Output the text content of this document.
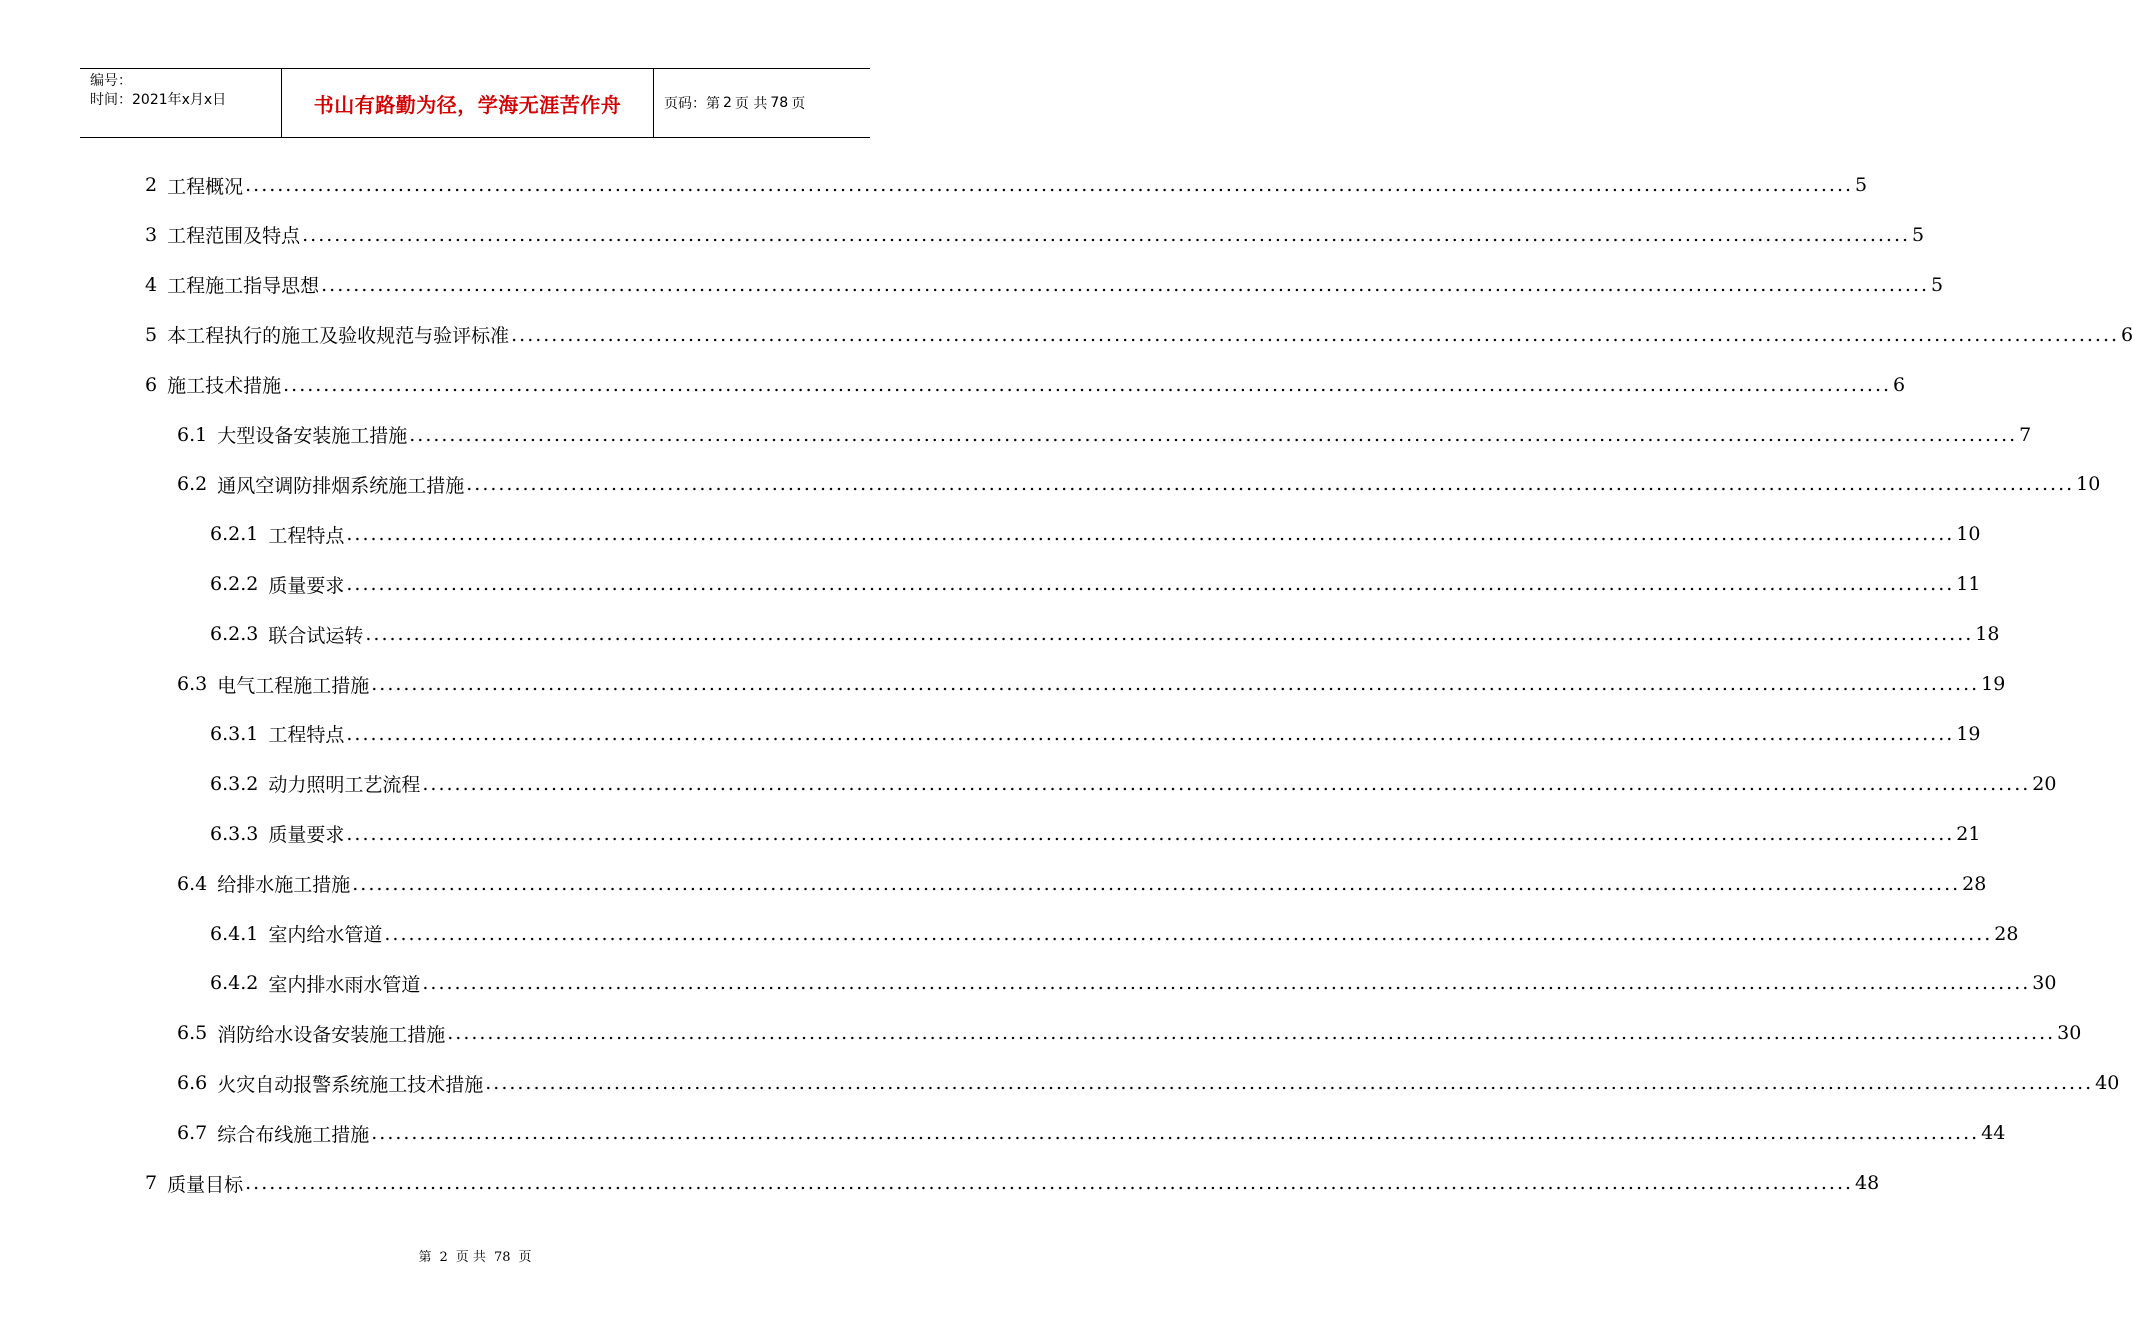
编号：
时间：2021年x月x日	书山有路勤为径，学海无涯苦作舟	页码：第 2 页 共 78 页
2 工程概况 ........................................................................................................................................................................................................ 5
3 工程范围及特点 ........................................................................................................................................................................................................ 5
4 工程施工指导思想 ........................................................................................................................................................................................................ 5
5 本工程执行的施工及验收规范与验评标准 ........................................................................................................................................................................................................ 6
6 施工技术措施 ........................................................................................................................................................................................................ 6
6.1 大型设备安装施工措施 ........................................................................................................................................................................................................ 7
6.2 通风空调防排烟系统施工措施 ........................................................................................................................................................................................................ 10
6.2.1 工程特点 ........................................................................................................................................................................................................ 10
6.2.2 质量要求 ........................................................................................................................................................................................................ 11
6.2.3 联合试运转 ........................................................................................................................................................................................................ 18
6.3 电气工程施工措施 ........................................................................................................................................................................................................ 19
6.3.1 工程特点 ........................................................................................................................................................................................................ 19
6.3.2 动力照明工艺流程 ........................................................................................................................................................................................................ 20
6.3.3 质量要求 ........................................................................................................................................................................................................ 21
6.4 给排水施工措施 ........................................................................................................................................................................................................ 28
6.4.1 室内给水管道 ........................................................................................................................................................................................................ 28
6.4.2 室内排水雨水管道 ........................................................................................................................................................................................................ 30
6.5 消防给水设备安装施工措施 ........................................................................................................................................................................................................ 30
6.6 火灾自动报警系统施工技术措施 ........................................................................................................................................................................................................ 40
6.7 综合布线施工措施 ........................................................................................................................................................................................................ 44
7 质量目标 ........................................................................................................................................................................................................ 48
第 2 页 共 78 页
